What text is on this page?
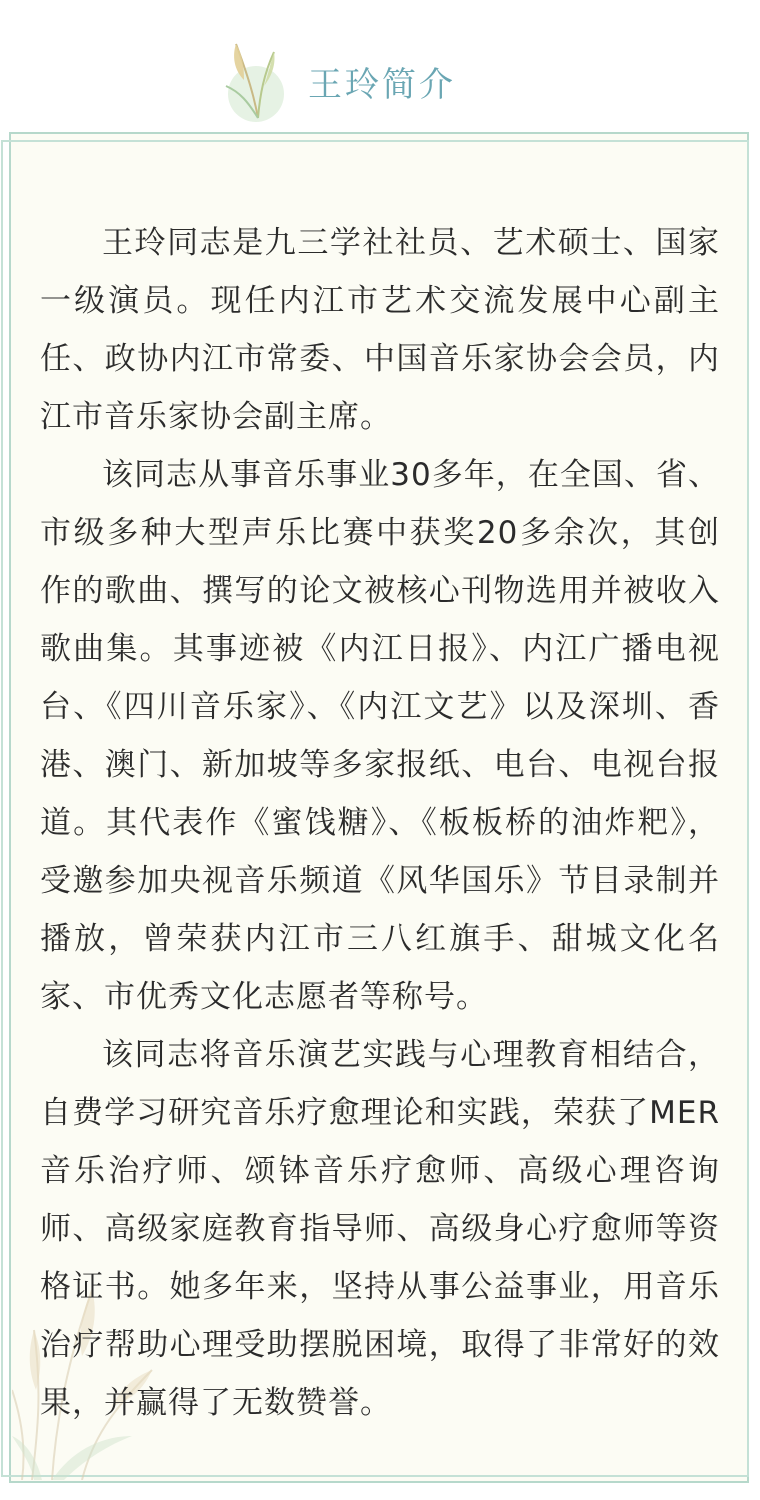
王玲简介

王玲同志是九三学社社员、艺术硕士、国家一级演员。现任内江市艺术交流发展中心副主任、政协内江市常委、中国音乐家协会会员，内江市音乐家协会副主席。

该同志从事音乐事业30多年，在全国、省、市级多种大型声乐比赛中获奖20多余次，其创作的歌曲、撰写的论文被核心刊物选用并被收入歌曲集。其事迹被《内江日报》、内江广播电视台、《四川音乐家》、《内江文艺》以及深圳、香港、澳门、新加坡等多家报纸、电台、电视台报道。其代表作《蜜饯糖》、《板板桥的油炸粑》，受邀参加央视音乐频道《风华国乐》节目录制并播放，曾荣获内江市三八红旗手、甜城文化名家、市优秀文化志愿者等称号。

该同志将音乐演艺实践与心理教育相结合，自费学习研究音乐疗愈理论和实践，荣获了MER音乐治疗师、颂钵音乐疗愈师、高级心理咨询师、高级家庭教育指导师、高级身心疗愈师等资格证书。她多年来，坚持从事公益事业，用音乐治疗帮助心理受助摆脱困境，取得了非常好的效果，并赢得了无数赞誉。
